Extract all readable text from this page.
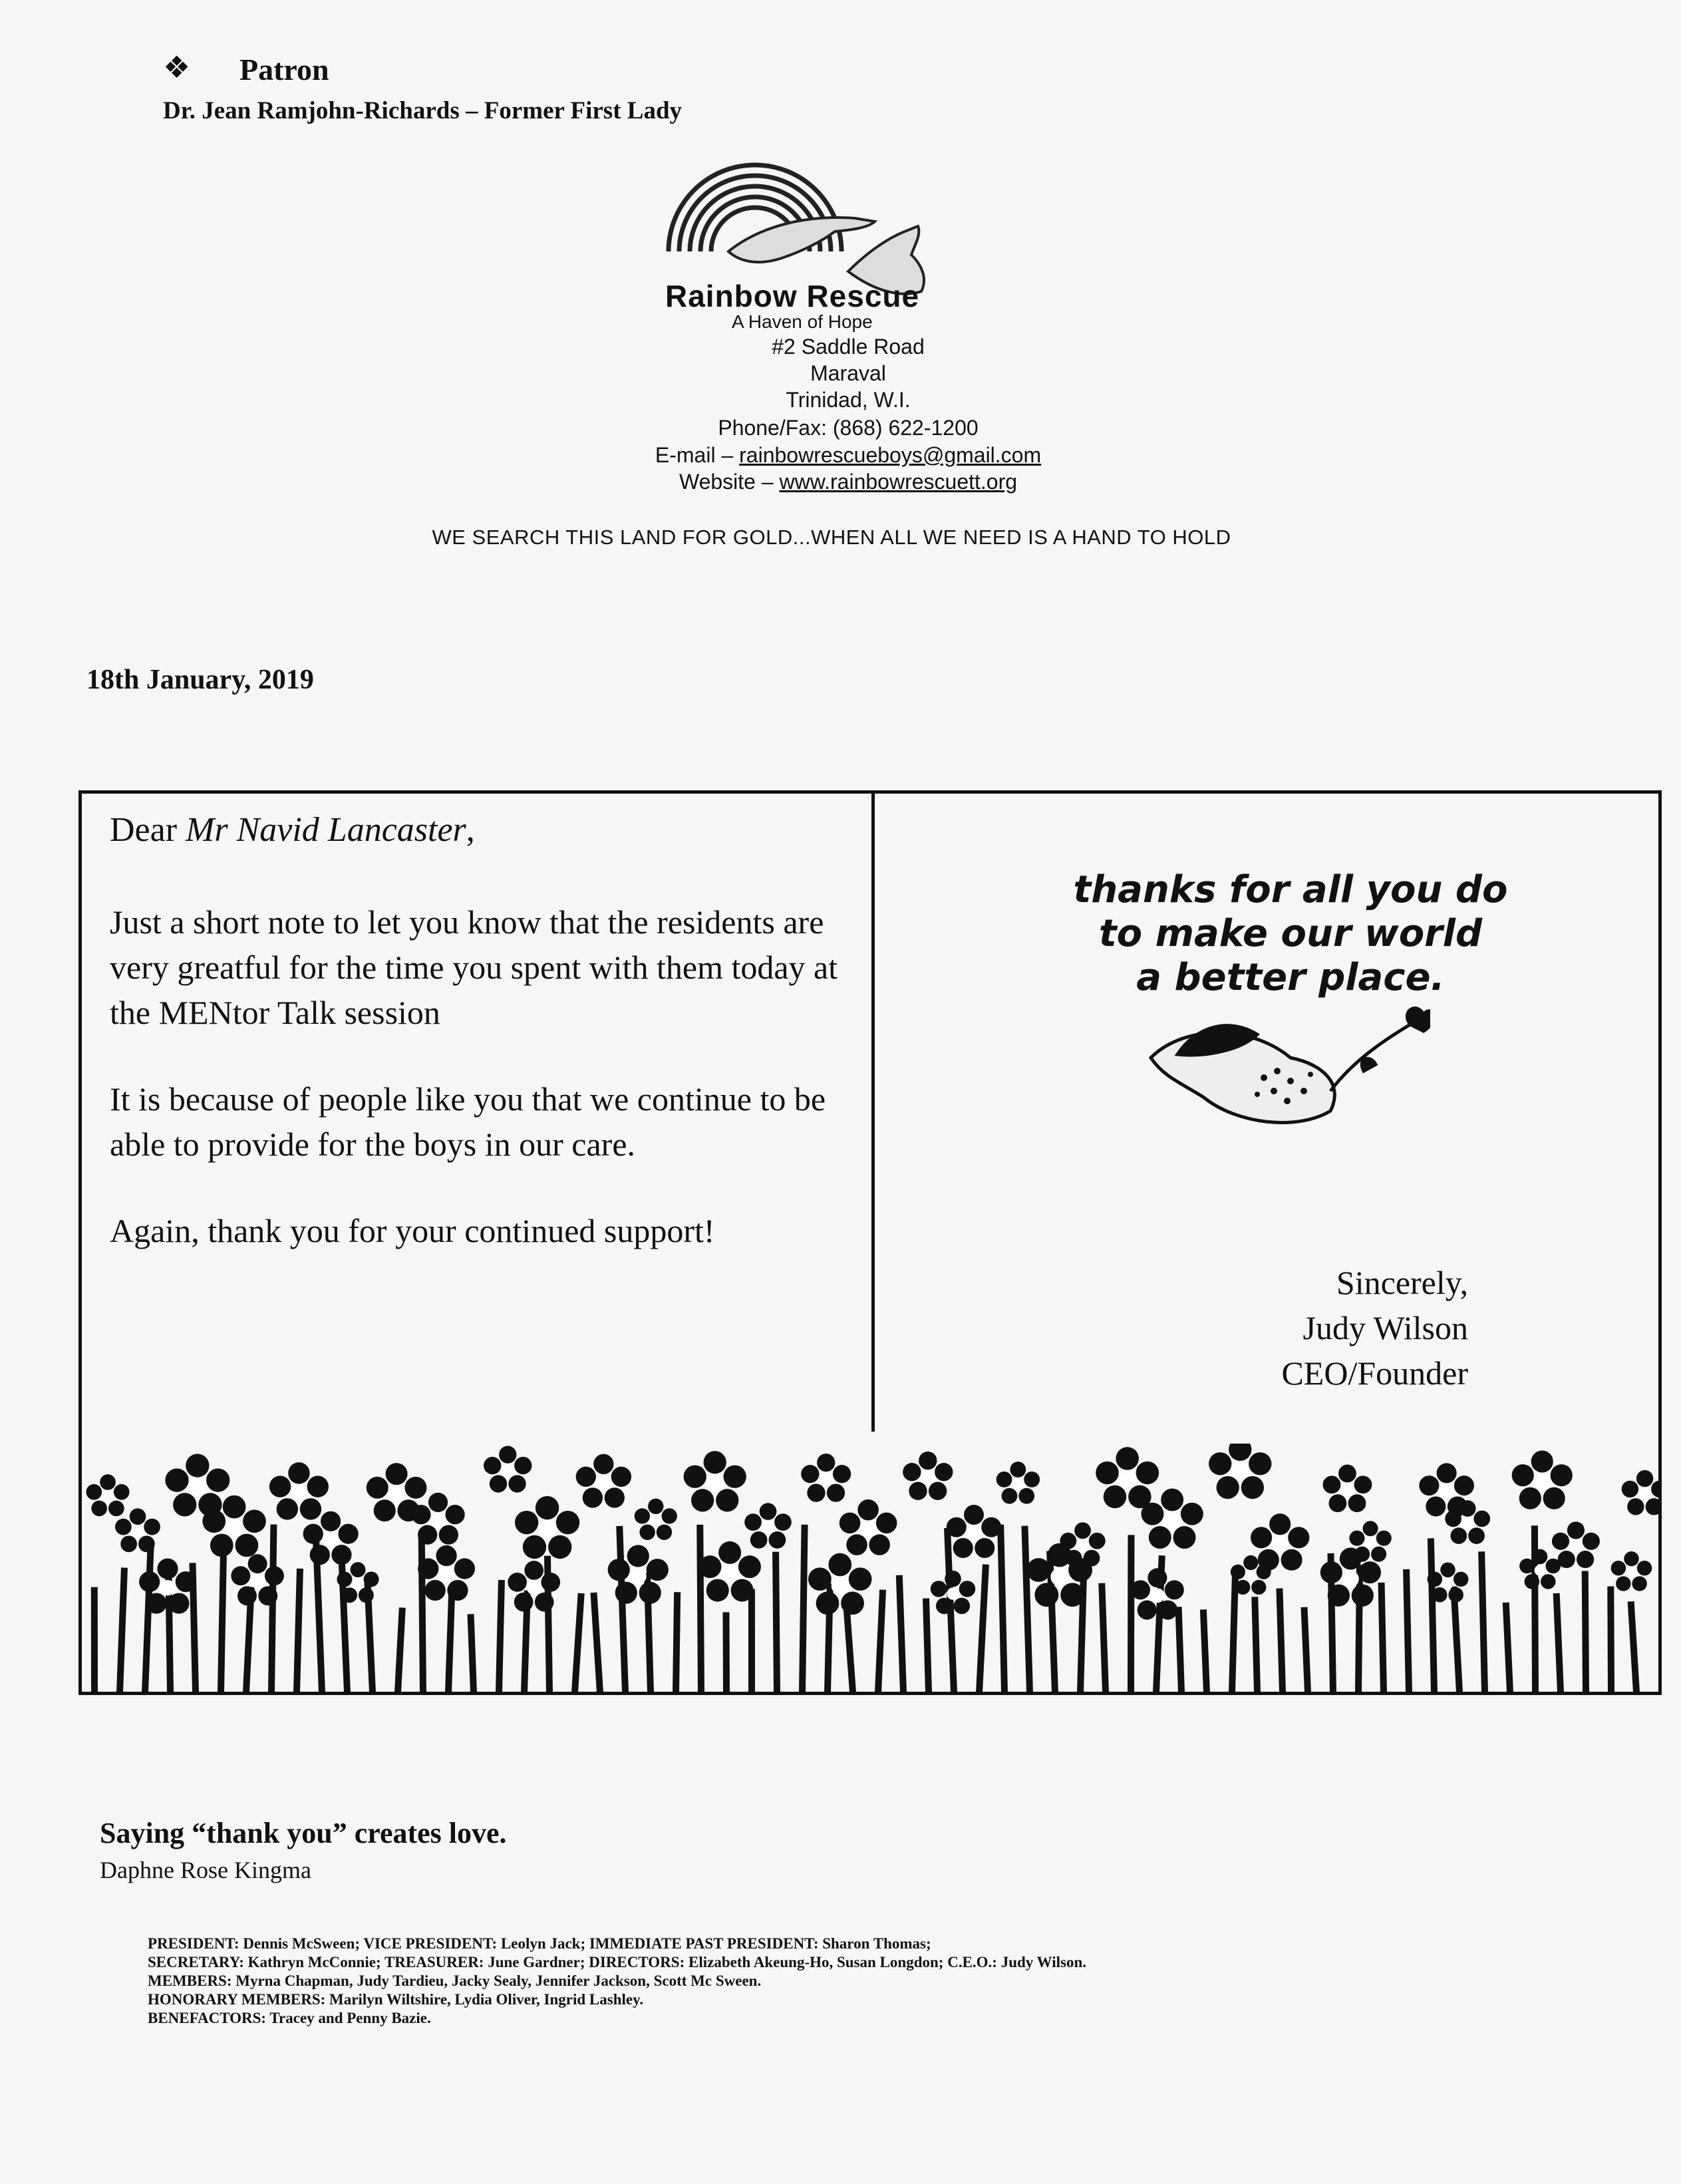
❖ Patron
Dr. Jean Ramjohn-Richards – Former First Lady
Rainbow Rescue
A Haven of Hope
#2 Saddle Road
Maraval
Trinidad, W.I.
Phone/Fax: (868) 622-1200
E-mail – rainbowrescueboys@gmail.com
Website – www.rainbowrescuett.org
WE SEARCH THIS LAND FOR GOLD...WHEN ALL WE NEED IS A HAND TO HOLD
18th January, 2019
Dear Mr Navid Lancaster,
Just a short note to let you know that the residents are very greatful for the time you spent with them today at the MENtor Talk session
It is because of people like you that we continue to be able to provide for the boys in our care.
Again, thank you for your continued support!
thanks for all you do
to make our world
a better place.
Sincerely,
Judy Wilson
CEO/Founder
Saying “thank you” creates love.
Daphne Rose Kingma
PRESIDENT: Dennis McSween; VICE PRESIDENT: Leolyn Jack; IMMEDIATE PAST PRESIDENT: Sharon Thomas;
SECRETARY: Kathryn McConnie; TREASURER: June Gardner; DIRECTORS: Elizabeth Akeung-Ho, Susan Longdon; C.E.O.: Judy Wilson.
MEMBERS: Myrna Chapman, Judy Tardieu, Jacky Sealy, Jennifer Jackson, Scott Mc Sween.
HONORARY MEMBERS: Marilyn Wiltshire, Lydia Oliver, Ingrid Lashley.
BENEFACTORS: Tracey and Penny Bazie.
